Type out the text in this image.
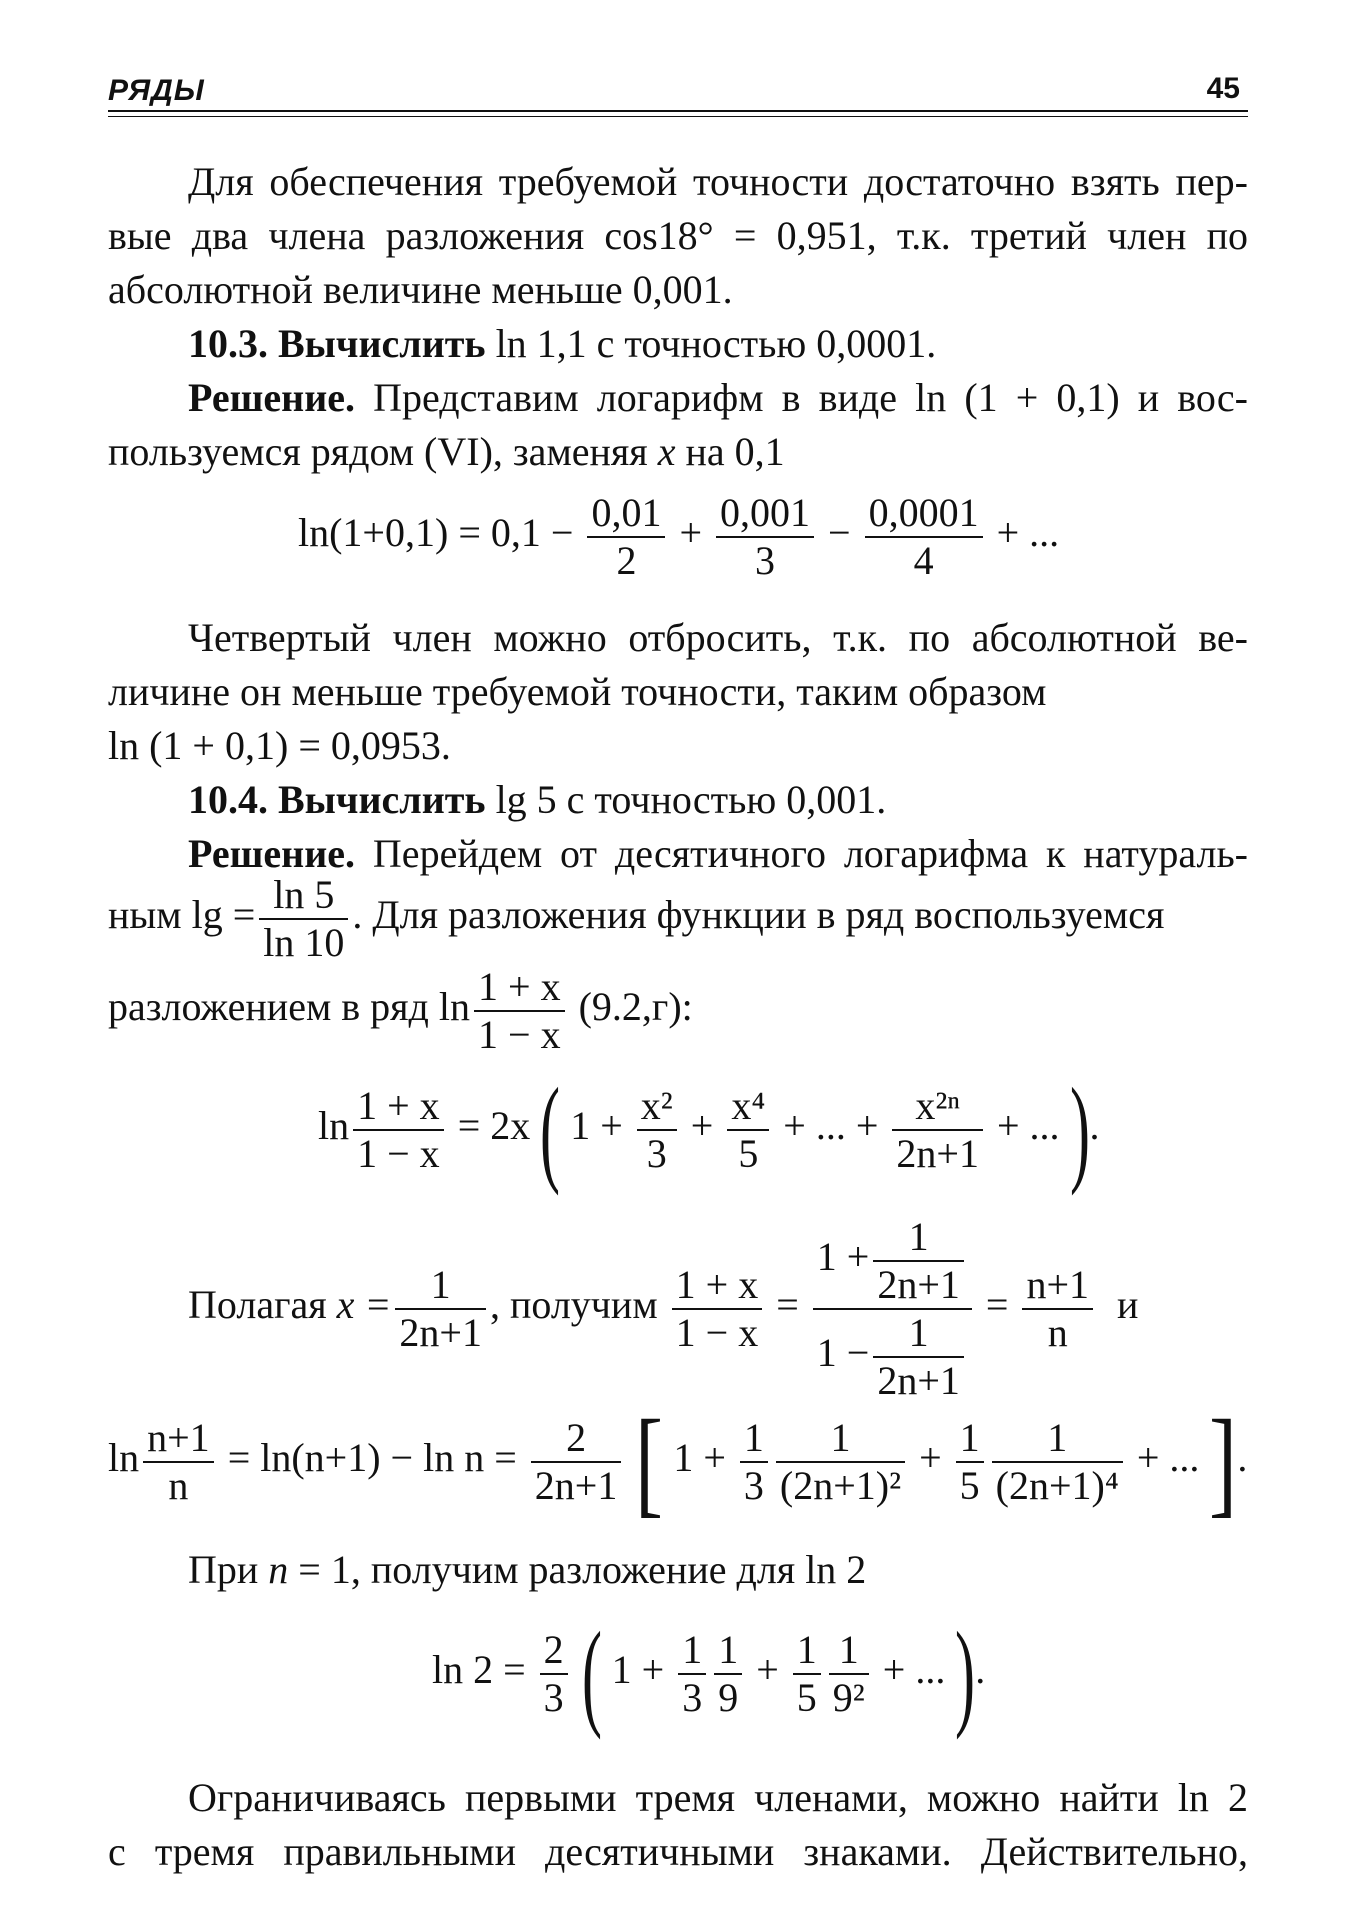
РЯДЫ	45
Для обеспечения требуемой точности достаточно взять пер-
вые два члена разложения cos18° = 0,951, т.к. третий член по
абсолютной величине меньше 0,001.
10.3. Вычислить ln 1,1 с точностью 0,0001.
Решение. Представим логарифм в виде ln (1 + 0,1) и вос-
пользуемся рядом (VI), заменяя x на 0,1
$\ln(1+0,1) = 0,1 - \frac{0,01}{2} + \frac{0,001}{3} - \frac{0,0001}{4}$ + ...
Четвертый член можно отбросить, т.к. по абсолютной ве-
личине он меньше требуемой точности, таким образом
ln (1 + 0,1) = 0,0953.
10.4. Вычислить lg 5 с точностью 0,001.
Решение. Перейдем от десятичного логарифма к натураль-
ным $\lg = \frac{\ln 5}{\ln 10}$ . Для разложения функции в ряд воспользуемся
разложением в ряд $\ln \frac{1 + x}{1 - x} (9.2,г)$:
$\ln \frac{1 + x}{1 - x} = 2x$ ( $1 + \frac{\text{x²}}{3} + \frac{\text{x⁴}}{5}$ + ... + $\frac{\text{x²ⁿ}}{2n+1}$ + ... ).
Полагая $x = \frac{1}{2n+1}$ , получим $\frac{1 + x}{1 - x} = \frac{1 + \frac{1}{2n+1}}{1 - \frac{1}{2n+1}} = \frac{n+1}{n}$ и
$\ln \frac{n+1}{n} = \ln(n+1) - \ln n = \frac{2}{2n+1}$ [ $1 + \frac{1}{3} \frac{1}{\text{(2n+1)²}} + \frac{1}{5} \frac{1}{\text{(2n+1)⁴}}$ + ... ].
При n = 1, получим разложение для ln 2
$\ln 2 = \frac{2}{3}$ ( $1 + \frac{1}{3} \frac{1}{9} + \frac{1}{5} \frac{1}{\text{9²}}$ + ... ).
Ограничиваясь первыми тремя членами, можно найти ln 2
с тремя правильными десятичными знаками. Действительно,
